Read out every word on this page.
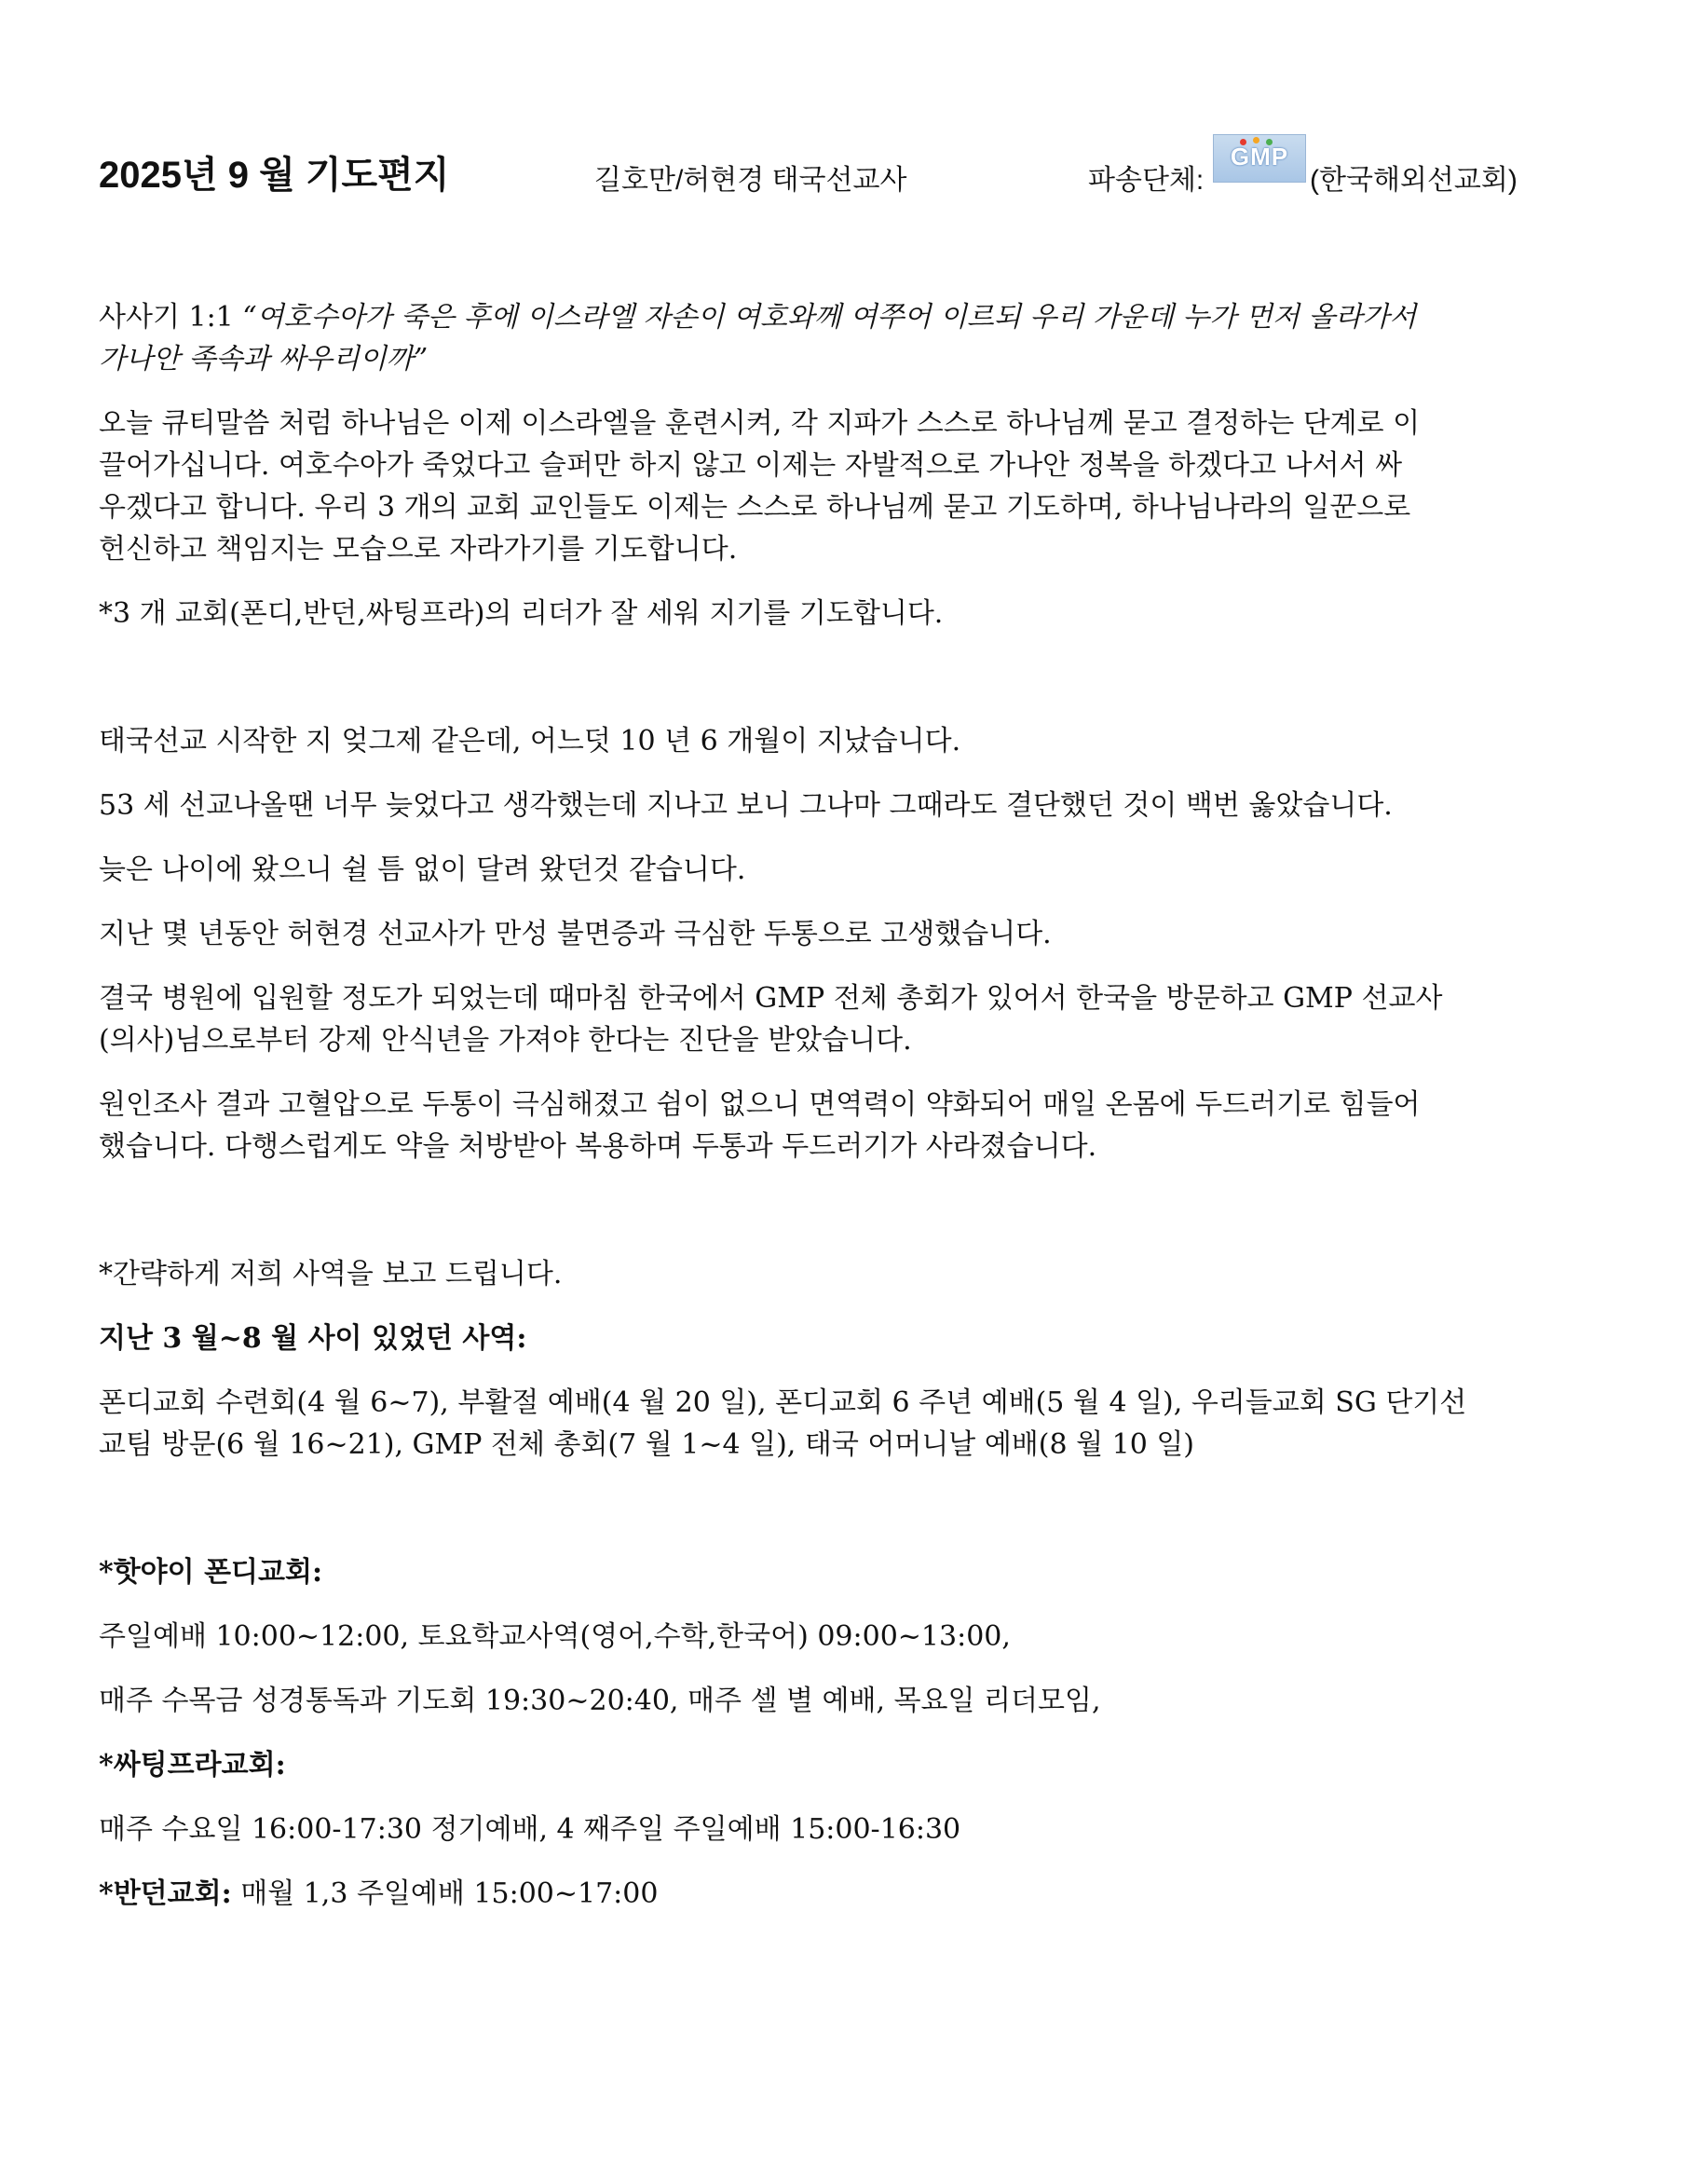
2025년 9 월 기도편지	길호만/허현경 태국선교사	파송단체:
GMP
(한국해외선교회)

사사기 1:1 “여호수아가 죽은 후에 이스라엘 자손이 여호와께 여쭈어 이르되 우리 가운데 누가 먼저 올라가서

가나안 족속과 싸우리이까”

오늘 큐티말씀 처럼 하나님은 이제 이스라엘을 훈련시켜, 각 지파가 스스로 하나님께 묻고 결정하는 단계로 이

끌어가십니다. 여호수아가 죽었다고 슬퍼만 하지 않고 이제는 자발적으로 가나안 정복을 하겠다고 나서서 싸

우겠다고 합니다. 우리 3 개의 교회 교인들도 이제는 스스로 하나님께 묻고 기도하며, 하나님나라의 일꾼으로

헌신하고 책임지는 모습으로 자라가기를 기도합니다.

*3 개 교회(폰디,반던,싸팅프라)의 리더가 잘 세워 지기를 기도합니다.

태국선교 시작한 지 엊그제 같은데, 어느덧 10 년 6 개월이 지났습니다.

53 세 선교나올땐 너무 늦었다고 생각했는데 지나고 보니 그나마 그때라도 결단했던 것이 백번 옳았습니다.

늦은 나이에 왔으니 쉴 틈 없이 달려 왔던것 같습니다.

지난 몇 년동안 허현경 선교사가 만성 불면증과 극심한 두통으로 고생했습니다.

결국 병원에 입원할 정도가 되었는데 때마침 한국에서 GMP 전체 총회가 있어서 한국을 방문하고 GMP 선교사

(의사)님으로부터 강제 안식년을 가져야 한다는 진단을 받았습니다.

원인조사 결과 고혈압으로 두통이 극심해졌고 쉼이 없으니 면역력이 약화되어 매일 온몸에 두드러기로 힘들어

했습니다. 다행스럽게도 약을 처방받아 복용하며 두통과 두드러기가 사라졌습니다.

*간략하게 저희 사역을 보고 드립니다.

지난 3 월~8 월 사이 있었던 사역:

폰디교회 수련회(4 월 6~7), 부활절 예배(4 월 20 일), 폰디교회 6 주년 예배(5 월 4 일), 우리들교회 SG 단기선

교팀 방문(6 월 16~21), GMP 전체 총회(7 월 1~4 일), 태국 어머니날 예배(8 월 10 일)

*핫야이 폰디교회:

주일예배 10:00~12:00, 토요학교사역(영어,수학,한국어) 09:00~13:00,

매주 수목금 성경통독과 기도회 19:30~20:40, 매주 셀 별 예배, 목요일 리더모임,

*싸팅프라교회:

매주 수요일 16:00-17:30 정기예배, 4 째주일 주일예배 15:00-16:30

*반던교회: 매월 1,3 주일예배 15:00~17:00
